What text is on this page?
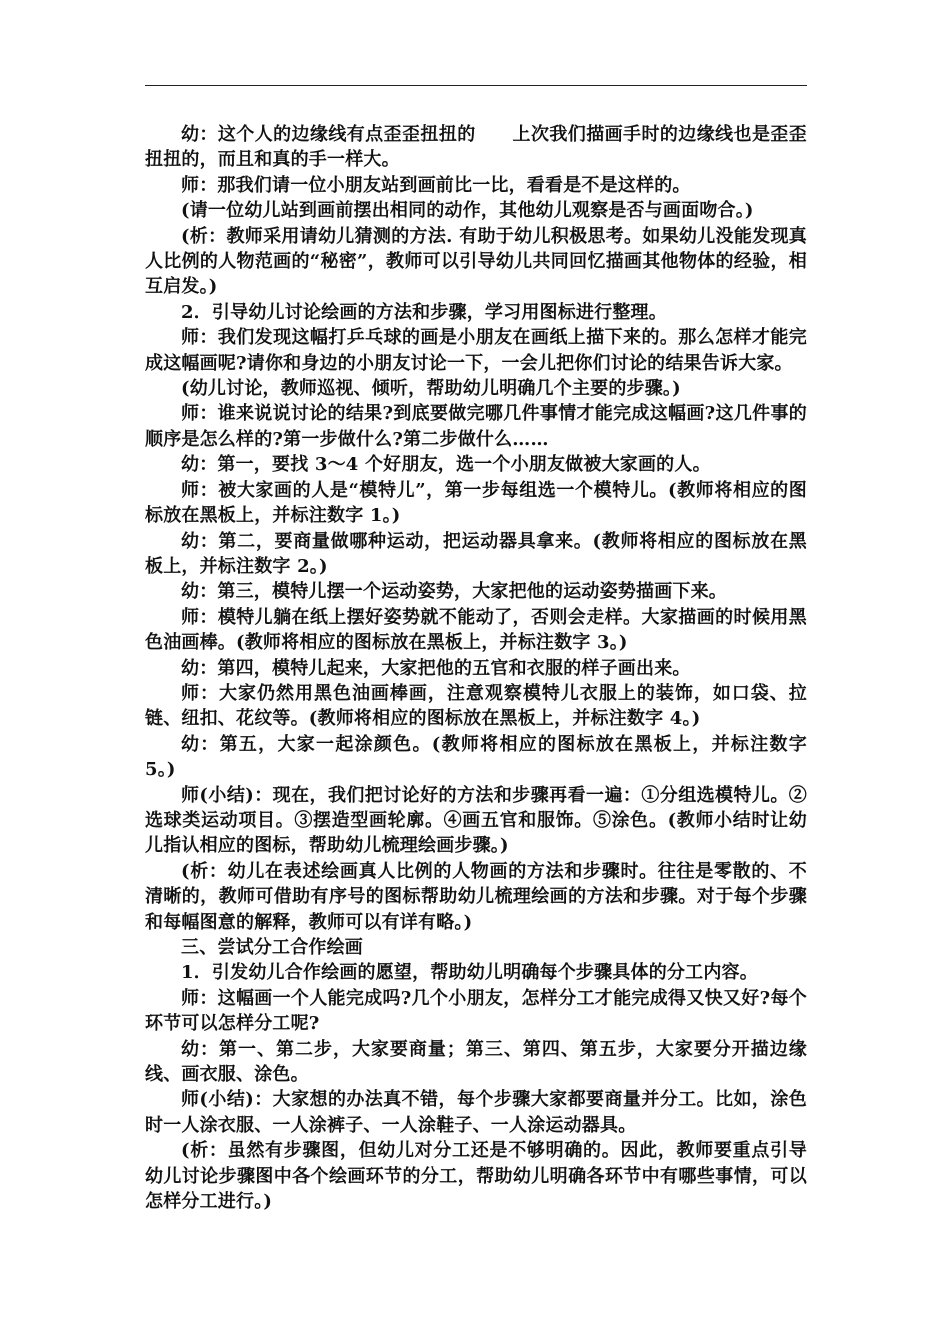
幼：这个人的边缘线有点歪歪扭扭的　　上次我们描画手时的边缘线也是歪歪扭扭的，而且和真的手一样大。

师：那我们请一位小朋友站到画前比一比，看看是不是这样的。

(请一位幼儿站到画前摆出相同的动作，其他幼儿观察是否与画面吻合。)

(析：教师采用请幼儿猜测的方法. 有助于幼儿积极思考。如果幼儿没能发现真人比例的人物范画的“秘密”，教师可以引导幼儿共同回忆描画其他物体的经验，相互启发。)

2．引导幼儿讨论绘画的方法和步骤，学习用图标进行整理。

师：我们发现这幅打乒乓球的画是小朋友在画纸上描下来的。那么怎样才能完成这幅画呢?请你和身边的小朋友讨论一下，一会儿把你们讨论的结果告诉大家。

(幼儿讨论，教师巡视、倾听，帮助幼儿明确几个主要的步骤。)

师：谁来说说讨论的结果?到底要做完哪几件事情才能完成这幅画?这几件事的顺序是怎么样的?第一步做什么?第二步做什么……

幼：第一，要找 3～4 个好朋友，选一个小朋友做被大家画的人。

师：被大家画的人是“模特儿”，第一步每组选一个模特儿。(教师将相应的图标放在黑板上，并标注数字 1。)

幼：第二，要商量做哪种运动，把运动器具拿来。(教师将相应的图标放在黑板上，并标注数字 2。)

幼：第三，模特儿摆一个运动姿势，大家把他的运动姿势描画下来。

师：模特儿躺在纸上摆好姿势就不能动了，否则会走样。大家描画的时候用黑色油画棒。(教师将相应的图标放在黑板上，并标注数字 3。)

幼：第四，模特儿起来，大家把他的五官和衣服的样子画出来。

师：大家仍然用黑色油画棒画，注意观察模特儿衣服上的装饰，如口袋、拉链、纽扣、花纹等。(教师将相应的图标放在黑板上，并标注数字 4。)

幼：第五，大家一起涂颜色。(教师将相应的图标放在黑板上，并标注数字 5。)

师(小结)：现在，我们把讨论好的方法和步骤再看一遍：①分组选模特儿。②选球类运动项目。③摆造型画轮廓。④画五官和服饰。⑤涂色。(教师小结时让幼儿指认相应的图标，帮助幼儿梳理绘画步骤。)

(析：幼儿在表述绘画真人比例的人物画的方法和步骤时。往往是零散的、不清晰的，教师可借助有序号的图标帮助幼儿梳理绘画的方法和步骤。对于每个步骤和每幅图意的解释，教师可以有详有略。)

三、尝试分工合作绘画

1．引发幼儿合作绘画的愿望，帮助幼儿明确每个步骤具体的分工内容。

师：这幅画一个人能完成吗?几个小朋友，怎样分工才能完成得又快又好?每个环节可以怎样分工呢?

幼：第一、第二步，大家要商量；第三、第四、第五步，大家要分开描边缘线、画衣服、涂色。

师(小结)：大家想的办法真不错，每个步骤大家都要商量并分工。比如，涂色时一人涂衣服、一人涂裤子、一人涂鞋子、一人涂运动器具。

(析：虽然有步骤图，但幼儿对分工还是不够明确的。因此，教师要重点引导幼儿讨论步骤图中各个绘画环节的分工，帮助幼儿明确各环节中有哪些事情，可以怎样分工进行。)
